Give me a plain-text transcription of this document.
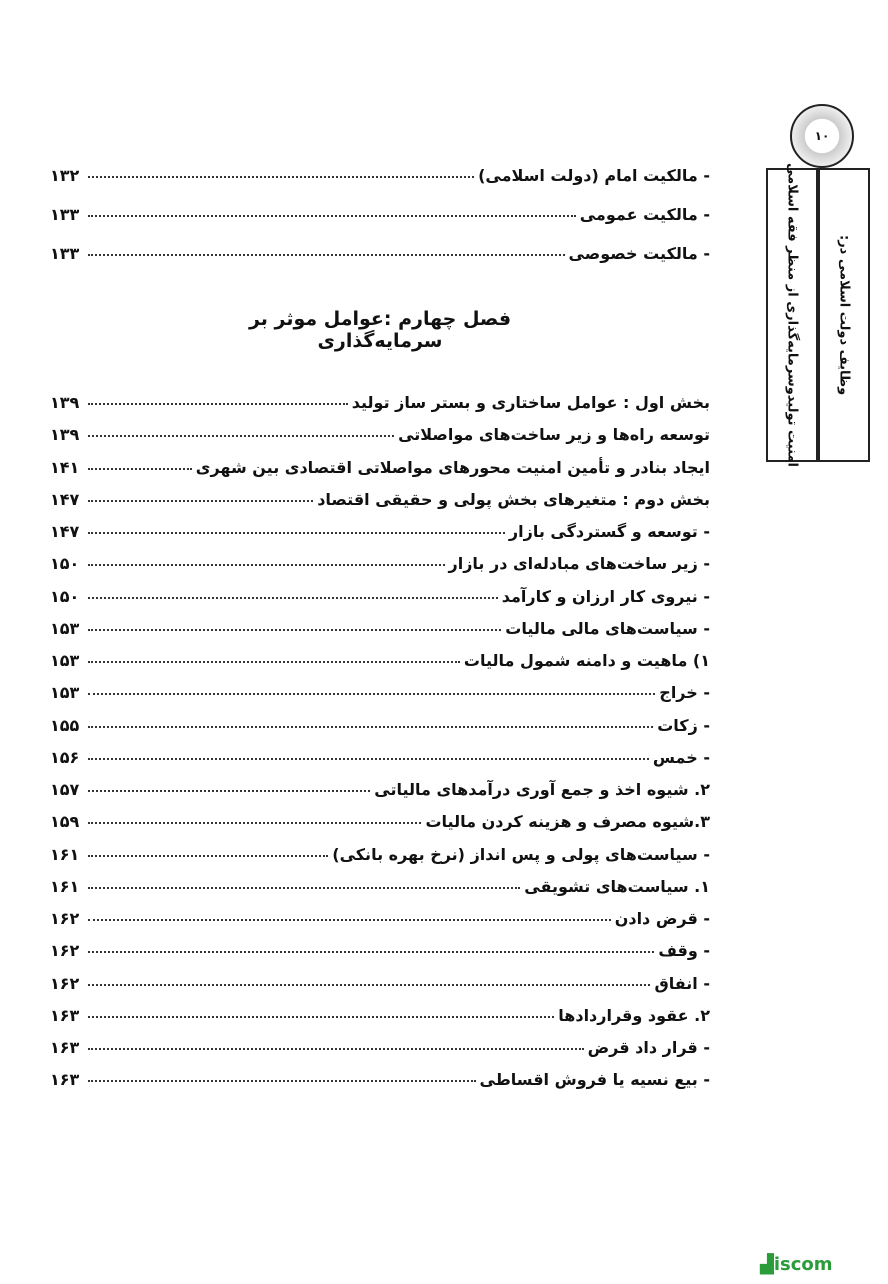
۱۰
امنیت تولیدوسرمایه‌گذاری از منظر فقه اسلامی	وظایف دولت اسلامی در:
- مالکیت امام (دولت اسلامی)
۱۳۲
- مالکیت عمومی
۱۳۳
- مالکیت خصوصی
۱۳۳
فصل چهارم :عوامل موثر بر سرمایه‌گذاری
بخش اول : عوامل ساختاری و بستر ساز تولید
۱۳۹
توسعه راه‌ها و زیر ساخت‌های مواصلاتی
۱۳۹
ایجاد بنادر و تأمین امنیت محورهای مواصلاتی اقتصادی بین شهری
۱۴۱
بخش دوم : متغیرهای بخش پولی و حقیقی اقتصاد
۱۴۷
- توسعه و گستردگی بازار
۱۴۷
- زیر ساخت‌های مبادله‌ای در بازار
۱۵۰
- نیروی کار ارزان و کارآمد
۱۵۰
- سیاست‌های مالی مالیات
۱۵۳
۱) ماهیت و دامنه شمول مالیات
۱۵۳
- خراج
۱۵۳
- زکات
۱۵۵
- خمس
۱۵۶
۲. شیوه اخذ و جمع آوری درآمدهای مالیاتی
۱۵۷
۳.شیوه مصرف و هزینه کردن مالیات
۱۵۹
- سیاست‌های پولی و پس انداز (نرخ بهره بانکی)
۱۶۱
۱. سیاست‌های تشویقی
۱۶۱
- قرض دادن
۱۶۲
- وقف
۱۶۲
- انفاق
۱۶۲
۲. عقود وقراردادها
۱۶۳
- قرار داد قرض
۱۶۳
- بیع نسیه یا فروش اقساطی
۱۶۳
▟iscom
